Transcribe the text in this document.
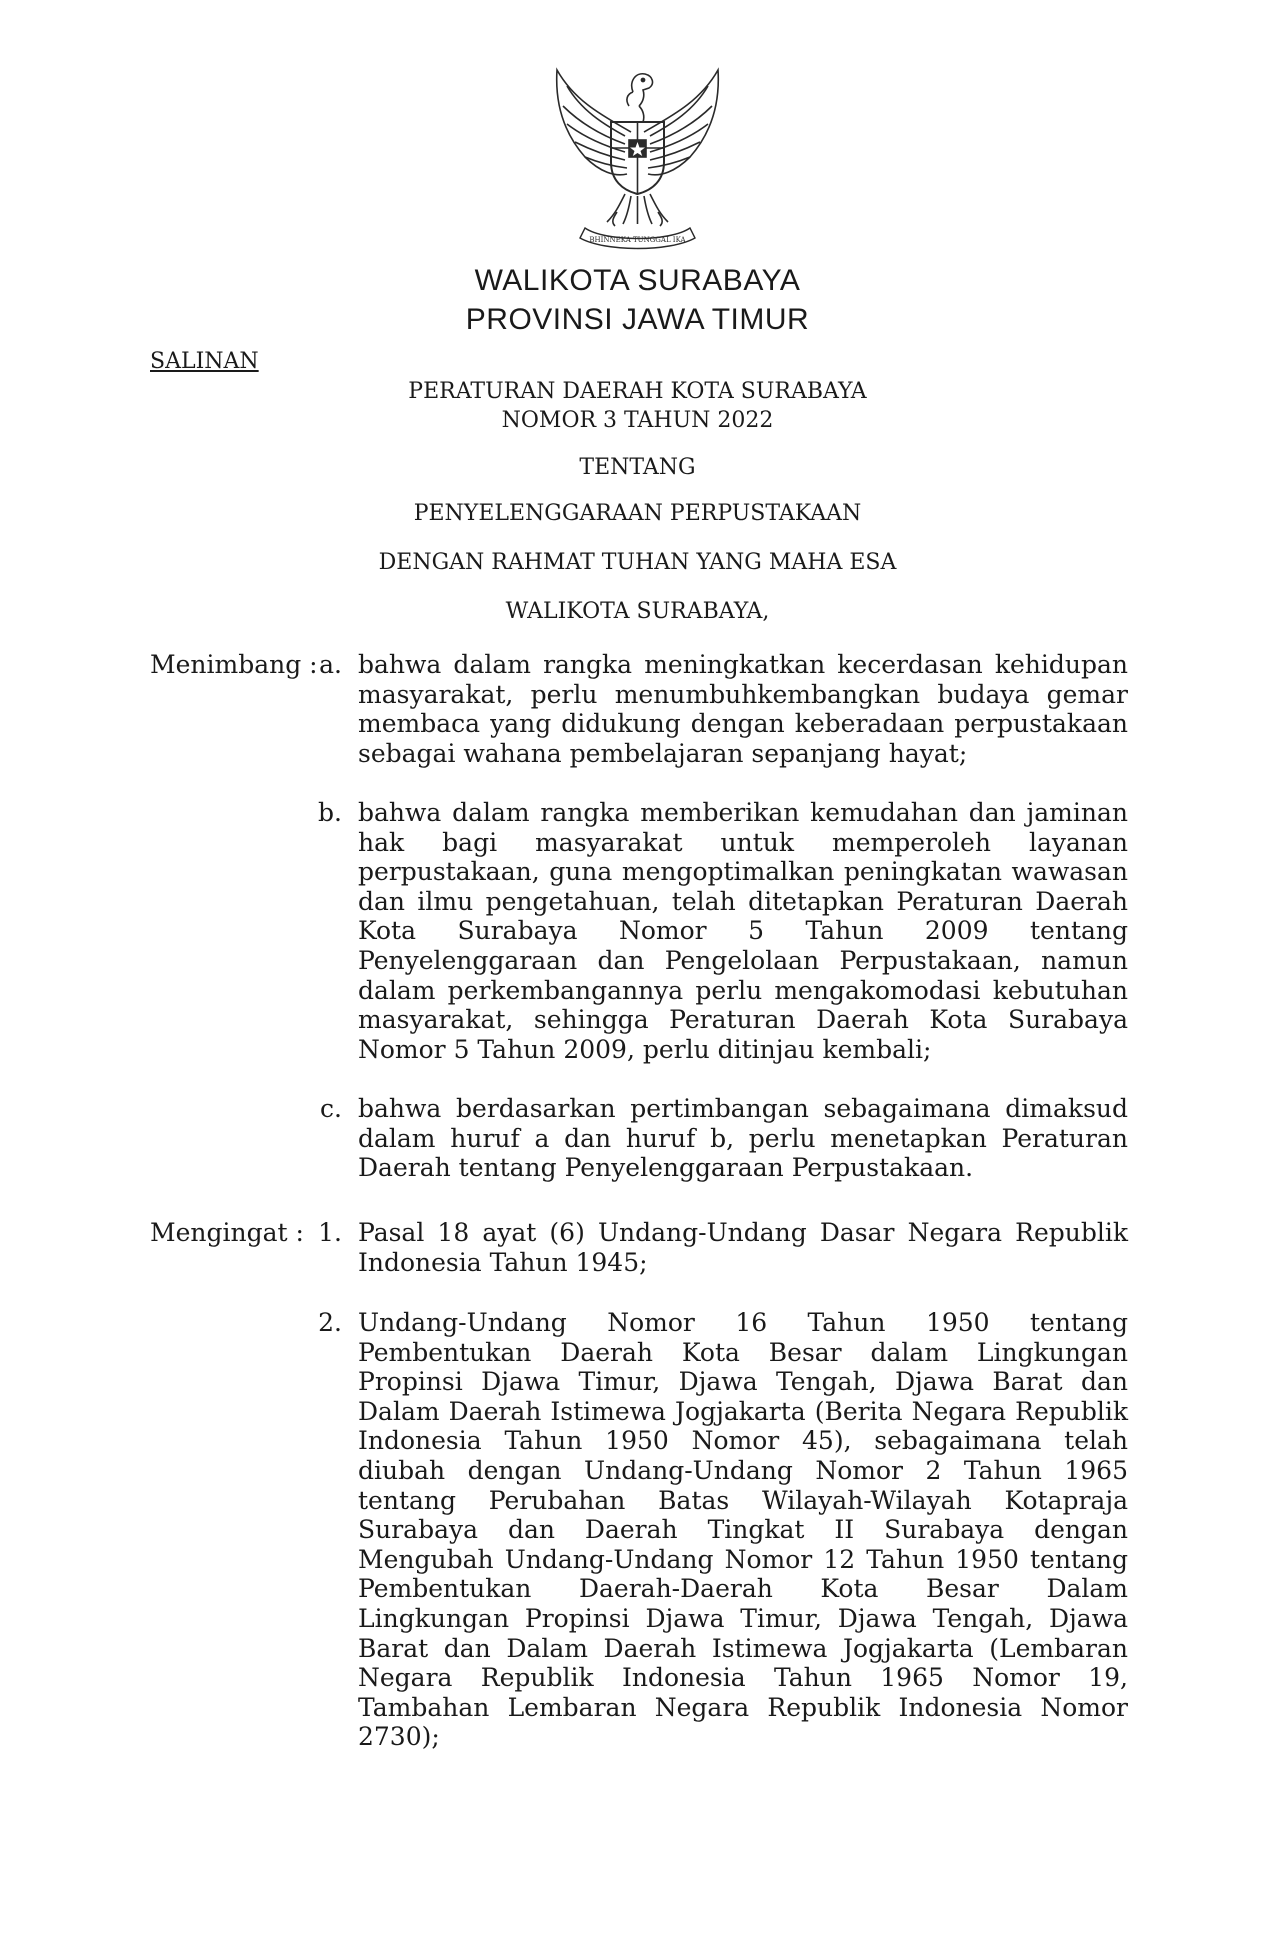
BHINNEKA TUNGGAL IKA
WALIKOTA SURABAYA
PROVINSI JAWA TIMUR
SALINAN
PERATURAN DAERAH KOTA SURABAYA
NOMOR 3 TAHUN 2022
TENTANG
PENYELENGGARAAN PERPUSTAKAAN
DENGAN RAHMAT TUHAN YANG MAHA ESA
WALIKOTA SURABAYA,
Menimbang : a. bahwa dalam rangka meningkatkan kecerdasan kehidupan masyarakat, perlu menumbuhkembangkan budaya gemar membaca yang didukung dengan keberadaan perpustakaan sebagai wahana pembelajaran sepanjang hayat;
b. bahwa dalam rangka memberikan kemudahan dan jaminan hak bagi masyarakat untuk memperoleh layanan perpustakaan, guna mengoptimalkan peningkatan wawasan dan ilmu pengetahuan, telah ditetapkan Peraturan Daerah Kota Surabaya Nomor 5 Tahun 2009 tentang Penyelenggaraan dan Pengelolaan Perpustakaan, namun dalam perkembangannya perlu mengakomodasi kebutuhan masyarakat, sehingga Peraturan Daerah Kota Surabaya Nomor 5 Tahun 2009, perlu ditinjau kembali;
c. bahwa berdasarkan pertimbangan sebagaimana dimaksud dalam huruf a dan huruf b, perlu menetapkan Peraturan Daerah tentang Penyelenggaraan Perpustakaan.
Mengingat : 1. Pasal 18 ayat (6) Undang-Undang Dasar Negara Republik Indonesia Tahun 1945;
2. Undang-Undang Nomor 16 Tahun 1950 tentang Pembentukan Daerah Kota Besar dalam Lingkungan Propinsi Djawa Timur, Djawa Tengah, Djawa Barat dan Dalam Daerah Istimewa Jogjakarta (Berita Negara Republik Indonesia Tahun 1950 Nomor 45), sebagaimana telah diubah dengan Undang-Undang Nomor 2 Tahun 1965 tentang Perubahan Batas Wilayah-Wilayah Kotapraja Surabaya dan Daerah Tingkat II Surabaya dengan Mengubah Undang-Undang Nomor 12 Tahun 1950 tentang Pembentukan Daerah-Daerah Kota Besar Dalam Lingkungan Propinsi Djawa Timur, Djawa Tengah, Djawa Barat dan Dalam Daerah Istimewa Jogjakarta (Lembaran Negara Republik Indonesia Tahun 1965 Nomor 19, Tambahan Lembaran Negara Republik Indonesia Nomor 2730);
